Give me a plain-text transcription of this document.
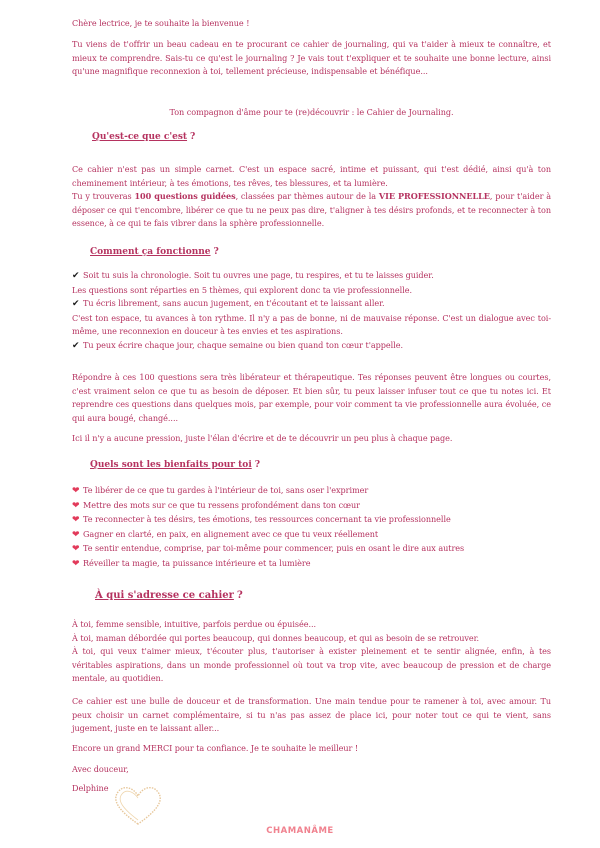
Chère lectrice, je te souhaite la bienvenue !

Tu viens de t'offrir un beau cadeau en te procurant ce cahier de journaling, qui va t'aider à mieux te connaître, et mieux te comprendre. Sais-tu ce qu'est le journaling ? Je vais tout t'expliquer et te souhaite une bonne lecture, ainsi qu'une magnifique reconnexion à toi, tellement précieuse, indispensable et bénéfique...

Ton compagnon d'âme pour te (re)découvrir : le Cahier de Journaling.

Qu'est-ce que c'est ?

Ce cahier n'est pas un simple carnet. C'est un espace sacré, intime et puissant, qui t'est dédié, ainsi qu'à ton cheminement intérieur, à tes émotions, tes rêves, tes blessures, et ta lumière.

Tu y trouveras 100 questions guidées, classées par thèmes autour de la VIE PROFESSIONNELLE, pour t'aider à déposer ce qui t'encombre, libérer ce que tu ne peux pas dire, t'aligner à tes désirs profonds, et te reconnecter à ton essence, à ce qui te fais vibrer dans la sphère professionnelle.

Comment ça fonctionne ?
✔ Soit tu suis la chronologie. Soit tu ouvres une page, tu respires, et tu te laisses guider.
Les questions sont réparties en 5 thèmes, qui explorent donc ta vie professionnelle.
✔ Tu écris librement, sans aucun jugement, en t'écoutant et te laissant aller.

C'est ton espace, tu avances à ton rythme. Il n'y a pas de bonne, ni de mauvaise réponse. C'est un dialogue avec toi-même, une reconnexion en douceur à tes envies et tes aspirations.

✔ Tu peux écrire chaque jour, chaque semaine ou bien quand ton cœur t'appelle.

Répondre à ces 100 questions sera très libérateur et thérapeutique. Tes réponses peuvent être longues ou courtes, c'est vraiment selon ce que tu as besoin de déposer. Et bien sûr, tu peux laisser infuser tout ce que tu notes ici. Et reprendre ces questions dans quelques mois, par exemple, pour voir comment ta vie professionnelle aura évoluée, ce qui aura bougé, changé....

Ici il n'y a aucune pression, juste l'élan d'écrire et de te découvrir un peu plus à chaque page.

Quels sont les bienfaits pour toi ?
❤ Te libérer de ce que tu gardes à l'intérieur de toi, sans oser l'exprimer
❤ Mettre des mots sur ce que tu ressens profondément dans ton cœur
❤ Te reconnecter à tes désirs, tes émotions, tes ressources concernant ta vie professionnelle
❤ Gagner en clarté, en paix, en alignement avec ce que tu veux réellement
❤ Te sentir entendue, comprise, par toi-même pour commencer, puis en osant le dire aux autres
❤ Réveiller ta magie, ta puissance intérieure et ta lumière
À qui s'adresse ce cahier ?
À toi, femme sensible, intuitive, parfois perdue ou épuisée...
À toi, maman débordée qui portes beaucoup, qui donnes beaucoup, et qui as besoin de se retrouver.

À toi, qui veux t'aimer mieux, t'écouter plus, t'autoriser à exister pleinement et te sentir alignée, enfin, à tes véritables aspirations, dans un monde professionnel où tout va trop vite, avec beaucoup de pression et de charge mentale, au quotidien.

Ce cahier est une bulle de douceur et de transformation. Une main tendue pour te ramener à toi, avec amour. Tu peux choisir un carnet complémentaire, si tu n'as pas assez de place ici, pour noter tout ce qui te vient, sans jugement, juste en te laissant aller...

Encore un grand MERCI pour ta confiance. Je te souhaite le meilleur !

Avec douceur,

Delphine

CHAMANÂME
